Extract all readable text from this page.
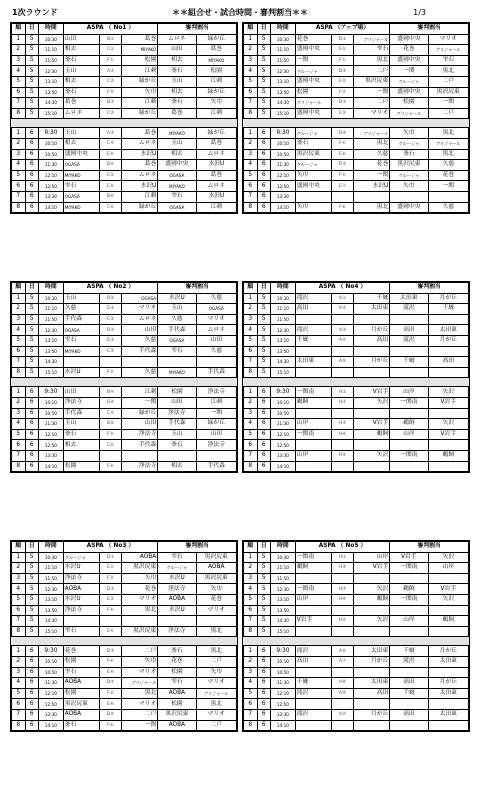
1次ラウンド	＊＊組合せ・試合時間・審判割当＊＊	1/3
順	日	時間	ASPA （ No1 ）			審判割当	
1	5	10:30	山田	B①	葛巻	ムロネ	緑が丘
2	5	11:10	相去	C①	MIYAKO	山田	葛巻
3	5	11:50	釜石	F①	松園	相去	MIYAKO
4	5	12:30	玉山	A②	江刺	釜石	松園
5	5	13:10	相去	C②	緑が丘	玉山	江刺
6	5	13:50	釜石	F②	矢巾	相去	緑が丘
7	5	14:30	葛巻	B③	江刺	釜石	矢巾
8	5	15:10	ムロネ	C③	緑が丘	葛巻	江刺

1	6	9:30	玉山	A③	葛巻	MIYAKO	緑が丘
2	6	10:10	相去	C④	ムロネ	玉山	葛巻
3	6	10:50	盛岡中央	E④	水沢U	相去	ムロネ
4	6	11:30	OGASA	B⑤	葛巻	盛岡中央	水沢U
5	6	12:10	MIYAKO	C⑤	ムロネ	OGASA	葛巻
6	6	12:50	雫石	E⑤	水沢U	MIYAKO	ムロネ
7	6	13:30	OGASA	B⑥	江刺	雫石	水沢U
8	6	14:10	MIYAKO	C⑥	緑が丘	OGASA	江刺
順	日	時間	ASPA （アップ場）			審判割当	
1	5	10:30	花巻	D①	ブリジャール	盛岡中央	マリオ
2	5	11:10	盛岡中央	E①	雫石	花巻	ブリジャール
3	5	11:50	一関	F①	黒北	盛岡中央	雫石
4	5	12:30	グルージャ	D②	二戸	一関	黒北
5	5	13:10	盛岡中央	E②	黒沢尻東	グルージャ	二戸
6	5	13:50	松園	F③	一関	盛岡中央	黒沢尻東
7	5	14:30	ブリジャール	D③	二戸	松園	一関
8	5	15:10	盛岡中央	E③	マリオ	ブリジャール	二戸

1	6	9:30	グルージャ	D④	ブリジャール	矢巾	黒北
2	6	10:10	釜石	F④	黒北	グルージャ	ブリジャール
3	6	10:50	黒沢尻東	E⑥	久慈	釜石	黒北
4	6	11:30	グルージャ	D⑤	花巻	黒沢尻東	久慈
5	6	12:10	矢巾	F⑤	一関	グルージャ	花巻
6	6	12:50	盛岡中央	E⑦	水沢U	矢巾	一関
7	6	13:30					
8	6	14:10	矢巾	F⑥	黒北	盛岡中央	久慈
順	日	時間	ASPA （ No2 ）			審判割当	
1	5	10:30	玉山	B②	OGASA	水沢U	久慈
2	5	11:10	久慈	G①	マリオ	玉山	OGASA
3	5	11:50	手代森	C②	ムロネ	久慈	マリオ
4	5	12:30	OGASA	B③	山田	手代森	ムロネ
5	5	13:10	雫石	G③	久慈	OGASA	山田
6	5	13:50	MIYAKO	C③	手代森	雫石	久慈
7	5	14:30					
8	5	15:10	水沢U	F⑤	久慈	MIYAKO	手代森

1	6	9:30	山田	B④	江刺	松園	浄法寺
2	6	10:10	浄法寺	G④	一関	山田	江刺
3	6	10:50	手代森	C④	緑が丘	浄法寺	一関
4	6	11:30	玉山	B⑤	山田	手代森	緑が丘
5	6	12:10	釜石	F⑤	浄法寺	玉山	山田
6	6	12:50	相去	C⑥	手代森	釜石	浄法寺
7	6	13:30					
8	6	14:10	松園	F⑥	浄法寺	相去	手代森
順	日	時間	ASPA （ No4 ）			審判割当	
1	5	10:30	滝沢	A①	千厩	太田東	月が丘
2	5	11:10	高田	A②	太田東	滝沢	千厩
3	5	11:50					
4	5	12:30	滝沢	A③	月が丘	高田	太田東
5	5	13:10	千厩	A④	高田	滝沢	月が丘
6	5	13:50					
7	5	14:30	太田東	A⑤	月が丘	千厩	高田
8	5	15:10					

1	6	9:30	一関南	H①	V岩手	山岸	矢沢
2	6	10:10	鵜飼	H②	矢沢	一関南	V岩手
3	6	10:50					
4	6	11:30	山岸	H③	V岩手	鵜飼	矢沢
5	6	12:10	一関南	H④	鵜飼	山岸	V岩手
6	6	12:50					
7	6	13:30	山岸	H⑤	矢沢	一関南	鵜飼
8	6	14:10					
順	日	時間	ASPA （ No3 ）			審判割当	
1	5	10:30	グルージャ	D①	AOBA	雫石	黒沢尻東
2	5	11:10	水沢U	E①	黒沢尻東	グルージャ	AOBA
3	5	11:50	浄法寺	F②	矢巾	水沢U	黒沢尻東
4	5	12:30	AOBA	D②	花巻	浄法寺	矢巾
5	5	13:10	水沢U	E③	マリオ	AOBA	花巻
6	5	13:50	浄法寺	F④	黒北	水沢U	マリオ
7	5	14:30					
8	5	15:10	雫石	E④	黒沢尻東	浄法寺	黒北

1	6	9:30	花巻	D③	二戸	釜石	黒北
2	6	10:10	松園	F④	矢巾	花巻	二戸
3	6	10:50	雫石	E④	マリオ	松園	矢巾
4	6	11:30	AOBA	D⑤	ブリジャール	雫石	マリオ
5	6	12:10	松園	F⑤	黒北	AOBA	ブリジャール
6	6	12:50	黒沢尻東	E⑥	マリオ	松園	黒北
7	6	13:30	AOBA	D⑥	二戸	黒沢尻東	マリオ
8	6	14:10	釜石	F⑥	一関	AOBA	二戸
順	日	時間	ASPA （ No5 ）			審判割当	
1	5	10:30	一関南	H①	山岸	V岩手	矢沢
2	5	11:10	鵜飼	H②	V岩手	一関南	山岸
3	5	11:50					
4	5	12:30	一関南	H③	矢沢	鵜飼	V岩手
5	5	13:10	山岸	H④	鵜飼	一関南	矢沢
6	5	13:50					
7	5	14:30	V岩手	H⑤	矢沢	山岸	鵜飼
8	5	15:10					

1	6	9:30	滝沢	A⑥	太田東	千厩	月が丘
2	6	10:10	高田	A⑦	月が丘	滝沢	太田東
3	6	10:50					
4	6	11:30	千厩	A⑧	太田東	高田	月が丘
5	6	12:10	滝沢	A⑨	高田	千厩	太田東
6	6	12:50					
7	6	13:30	滝沢	A⑩	月が丘	高田	太田東
8	6	14:10					
